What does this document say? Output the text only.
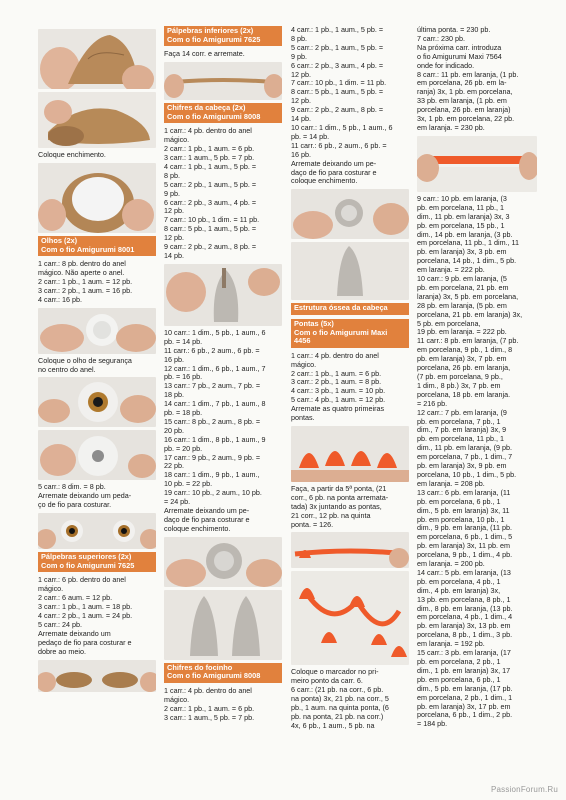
Coloque enchimento.
Olhos (2x)
Com o fio Amigurumi 8001
1 carr.: 8 pb. dentro do anel
mágico. Não aperte o anel.
2 carr.: 1 pb., 1 aum. = 12 pb.
3 carr.: 2 pb., 1 aum. = 16 pb.
4 carr.: 16 pb.
Coloque o olho de segurança
no centro do anel.
5 carr.: 8 dim. = 8 pb.
Arremate deixando um peda-
ço de fio para costurar.
Pálpebras superiores (2x)
Com o fio Amigurumi 7625
1 carr.: 6 pb. dentro do anel
mágico.
2 carr.: 6 aum. = 12 pb.
3 carr.: 1 pb., 1 aum. = 18 pb.
4 carr.: 2 pb., 1 aum. = 24 pb.
5 carr.: 24 pb.
Arremate deixando um
pedaço de fio para costurar e
dobre ao meio.
Pálpebras inferiores (2x)
Com o fio Amigurumi 7625
Faça 14 corr. e arremate.
Chifres da cabeça (2x)
Com o fio Amigurumi 8008
1 carr.: 4 pb. dentro do anel
mágico.
2 carr.: 1 pb., 1 aum. = 6 pb.
3 carr.: 1 aum., 5 pb. = 7 pb.
4 carr.: 1 pb., 1 aum., 5 pb. =
8 pb.
5 carr.: 2 pb., 1 aum., 5 pb. =
9 pb.
6 carr.: 2 pb., 3 aum., 4 pb. =
12 pb.
7 carr.: 10 pb., 1 dim. = 11 pb.
8 carr.: 5 pb., 1 aum., 5 pb. =
12 pb.
9 carr.: 2 pb., 2 aum., 8 pb. =
14 pb.
10 carr.: 1 dim., 5 pb., 1 aum., 6
pb. = 14 pb.
11 carr.: 6 pb., 2 aum., 6 pb. =
16 pb.
12 carr.: 1 dim., 6 pb., 1 aum., 7
pb. = 16 pb.
13 carr.: 7 pb., 2 aum., 7 pb. =
18 pb.
14 carr.: 1 dim., 7 pb., 1 aum., 8
pb. = 18 pb.
15 carr.: 8 pb., 2 aum., 8 pb. =
20 pb.
16 carr.: 1 dim., 8 pb., 1 aum., 9
pb. = 20 pb.
17 carr.: 9 pb., 2 aum., 9 pb. =
22 pb.
18 carr.: 1 dim., 9 pb., 1 aum.,
10 pb. = 22 pb.
19 carr.: 10 pb., 2 aum., 10 pb.
= 24 pb.
Arremate deixando um pe-
daço de fio para costurar e
coloque enchimento.
Chifres do focinho
Com o fio Amigurumi 8008
1 carr.: 4 pb. dentro do anel
mágico.
2 carr.: 1 pb., 1 aum. = 6 pb.
3 carr.: 1 aum., 5 pb. = 7 pb.
4 carr.: 1 pb., 1 aum., 5 pb. =
8 pb.
5 carr.: 2 pb., 1 aum., 5 pb. =
9 pb.
6 carr.: 2 pb., 3 aum., 4 pb. =
12 pb.
7 carr.: 10 pb., 1 dim. = 11 pb.
8 carr.: 5 pb., 1 aum., 5 pb. =
12 pb.
9 carr.: 2 pb., 2 aum., 8 pb. =
14 pb.
10 carr.: 1 dim., 5 pb., 1 aum., 6
pb. = 14 pb.
11 carr.: 6 pb., 2 aum., 6 pb. =
16 pb.
Arremate deixando um pe-
daço de fio para costurar e
coloque enchimento.
Estrutura óssea da cabeça
Pontas (5x)
Com o fio Amigurumi Maxi
4456
1 carr.: 4 pb. dentro do anel
mágico.
2 carr.: 1 pb., 1 aum. = 6 pb.
3 carr.: 2 pb., 1 aum. = 8 pb.
4 carr.: 3 pb., 1 aum. = 10 pb.
5 carr.: 4 pb., 1 aum. = 12 pb.
Arremate as quatro primeiras
pontas.
Faça, a partir da 5ª ponta, (21
corr., 6 pb. na ponta arremata-
tada) 3x juntando as pontas,
21 corr., 12 pb. na quinta
ponta. = 126.
Coloque o marcador no pri-
meiro ponto da carr. 6.
6 carr.: (21 pb. na corr., 6 pb.
na ponta) 3x, 21 pb. na corr., 5
pb., 1 aum. na quinta ponta, (6
pb. na ponta, 21 pb. na corr.)
4x, 6 pb., 1 aum., 5 pb. na
última ponta. = 230 pb.
7 carr.: 230 pb.
Na próxima carr. introduza
o fio Amigurumi Maxi 7564
onde for indicado.
8 carr.: 11 pb. em laranja, (1 pb.
em porcelana, 26 pb. em la-
ranja) 3x, 1 pb. em porcelana,
33 pb. em laranja, (1 pb. em
porcelana, 26 pb. em laranja)
3x, 1 pb. em porcelana, 22 pb.
em laranja. = 230 pb.
9 carr.: 10 pb. em laranja, (3
pb. em porcelana, 11 pb., 1
dim., 11 pb. em laranja) 3x, 3
pb. em porcelana, 15 pb., 1
dim., 14 pb. em laranja, (3 pb.
em porcelana, 11 pb., 1 dim., 11
pb. em laranja) 3x, 3 pb. em
porcelana, 14 pb., 1 dim., 5 pb.
em laranja. = 222 pb.
10 carr.: 9 pb. em laranja, (5
pb. em porcelana, 21 pb. em
laranja) 3x, 5 pb. em porcelana,
28 pb. em laranja, (5 pb. em
porcelana, 21 pb. em laranja) 3x,
5 pb. em porcelana,
19 pb. em laranja. = 222 pb.
11 carr.: 8 pb. em laranja, (7 pb.
em porcelana, 9 pb., 1 dim., 8
pb. em laranja) 3x, 7 pb. em
porcelana, 26 pb. em laranja,
(7 pb. em porcelana, 9 pb.,
1 dim., 8 pb.) 3x, 7 pb. em
porcelana, 18 pb. em laranja.
= 216 pb.
12 carr.: 7 pb. em laranja, (9
pb. em porcelana, 7 pb., 1
dim., 7 pb. em laranja) 3x, 9
pb. em porcelana, 11 pb., 1
dim., 11 pb. em laranja, (9 pb.
em porcelana, 7 pb., 1 dim., 7
pb. em laranja) 3x, 9 pb. em
porcelana, 10 pb., 1 dim., 5 pb.
em laranja. = 208 pb.
13 carr.: 6 pb. em laranja, (11
pb. em porcelana, 6 pb., 1
dim., 5 pb. em laranja) 3x, 11
pb. em porcelana, 10 pb., 1
dim., 9 pb. em laranja, (11 pb.
em porcelana, 6 pb., 1 dim., 5
pb. em laranja) 3x, 11 pb. em
porcelana, 9 pb., 1 dim., 4 pb.
em laranja. = 200 pb.
14 carr.: 5 pb. em laranja, (13
pb. em porcelana, 4 pb., 1
dim., 4 pb. em laranja) 3x,
13 pb. em porcelana, 8 pb., 1
dim., 8 pb. em laranja, (13 pb.
em porcelana, 4 pb., 1 dim., 4
pb. em laranja) 3x, 13 pb. em
porcelana, 8 pb., 1 dim., 3 pb.
em laranja. = 192 pb.
15 carr.: 3 pb. em laranja, (17
pb. em porcelana, 2 pb., 1
dim., 1 pb. em laranja) 3x, 17
pb. em porcelana, 6 pb., 1
dim., 5 pb. em laranja, (17 pb.
em porcelana, 2 pb., 1 dim., 1
pb. em laranja) 3x, 17 pb. em
porcelana, 6 pb., 1 dim., 2 pb.
= 184 pb.
PassionForum.Ru
